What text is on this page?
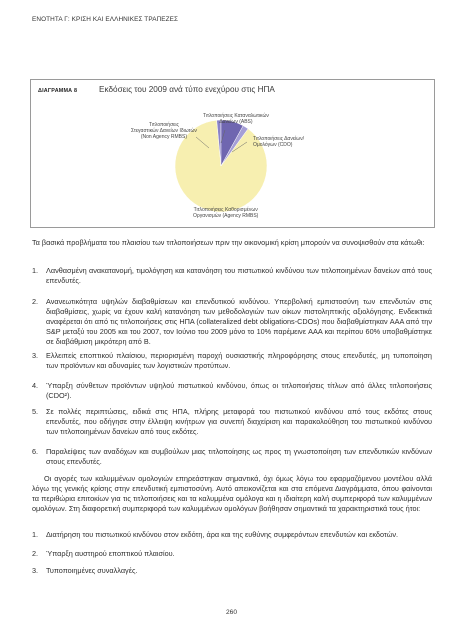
ΕΝΟΤΗΤΑ Γ: ΚΡΙΣΗ ΚΑΙ ΕΛΛΗΝΙΚΕΣ ΤΡΑΠΕΖΕΣ
ΔΙΑΓΡΑΜΜΑ 8	Εκδόσεις του 2009 ανά τύπο ενεχύρου στις ΗΠΑ
Τιτλοποιήσεις
Στεγαστικών Δανείων Ιδιωτών
(Non Agency RMBS)
Τιτλοποιήσεις Καταναλωτικών
Δανείων (ABS)
Τιτλοποιήσεις Δανείων/
Ομολόγων (CDO)
Τιτλοποιήσεις Καθορισμένων
Οργανισμών (Agency RMBS)
Τα βασικά προβλήματα του πλαισίου των τιτλοποιήσεων πριν την οικονομική κρίση μπορούν να συνοψισθούν στα κάτωθι:
1. Λανθασμένη ανακατανομή, τιμολόγηση και κατανόηση του πιστωτικού κινδύνου των τιτλοποιημένων δανείων από τους επενδυτές.
2. Ανανεωτικότητα υψηλών διαβαθμίσεων και επενδυτικού κινδύνου. Υπερβολική εμπιστοσύνη των επενδυτών στις διαβαθμίσεις, χωρίς να έχουν καλή κατανόηση των μεθοδολογιών των οίκων πιστοληπτικής αξιολόγησης. Ενδεικτικά αναφέρεται ότι από τις τιτλοποιήσεις στις ΗΠΑ (collateralized debt obligations-CDOs) που διαβαθμίστηκαν AAA από την S&P μεταξύ του 2005 και του 2007, τον Ιούνιο του 2009 μόνο το 10% παρέμεινε AAA και περίπου 60% υποβαθμίστηκε σε διαβάθμιση μικρότερη από Β.
3. Ελλειπείς εποπτικού πλαίσιου, περιορισμένη παροχή ουσιαστικής πληροφόρησης στους επενδυτές, μη τυποποίηση των προϊόντων και αδυναμίες των λογιστικών προτύπων.
4. Ύπαρξη σύνθετων προϊόντων υψηλού πιστωτικού κινδύνου, όπως οι τιτλοποιήσεις τίτλων από άλλες τιτλοποιήσεις (CDO²).
5. Σε πολλές περιπτώσεις, ειδικά στις ΗΠΑ, πλήρης μεταφορά του πιστωτικού κινδύνου από τους εκδότες στους επενδυτές, που οδήγησε στην έλλειψη κινήτρων για συνεπή διαχείριση και παρακολούθηση του πιστωτικού κινδύνου των τιτλοποιημένων δανείων από τους εκδότες.
6. Παραλείψεις των αναδόχων και συμβούλων μιας τιτλοποίησης ως προς τη γνωστοποίηση των επενδυτικών κινδύνων στους επενδυτές.
Οι αγορές των καλυμμένων ομολογιών επηρεάστηκαν σημαντικά, όχι όμως λόγω του εφαρμαζόμενου μοντέλου αλλά λόγω της γενικής κρίσης στην επενδυτική εμπιστοσύνη. Αυτό απεικονίζεται και στα επόμενα Διαγράμματα, όπου φαίνονται τα περιθώρια επιτοκίων για τις τιτλοποιήσεις και τα καλυμμένα ομόλογα και η ιδιαίτερη καλή συμπεριφορά των καλυμμένων ομολόγων. Στη διαφορετική συμπεριφορά των καλυμμένων ομολόγων βοήθησαν σημαντικά τα χαρακτηριστικά τους ήτοι:
1. Διατήρηση του πιστωτικού κινδύνου στον εκδότη, άρα και της ευθύνης συμφερόντων επενδυτών και εκδοτών.
2. Ύπαρξη αυστηρού εποπτικού πλαισίου.
3. Τυποποιημένες συναλλαγές.
260
